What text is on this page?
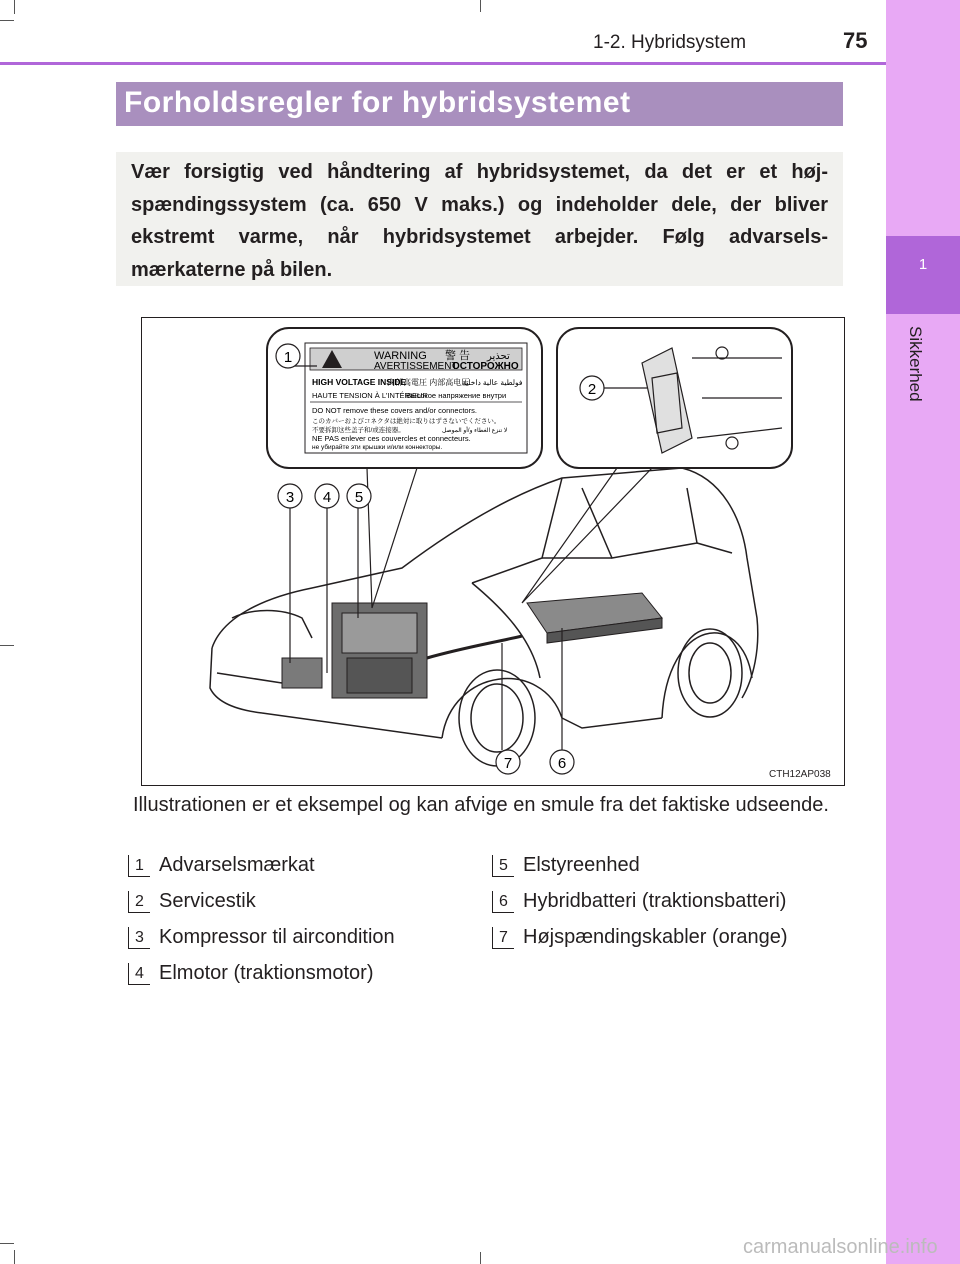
1
Sikkerhed
1-2. Hybridsystem	75
Forholdsregler for hybridsystemet
Vær forsigtig ved håndtering af hybridsystemet, da det er et høj-spændingssystem (ca. 650 V maks.) og indeholder dele, der bliver ekstremt varme, når hybridsystemet arbejder. Følg advarsels-mærkaterne på bilen.
WARNING 警 告 تحذير
AVERTISSEMENT
ОСТОРОЖНО
HIGH VOLTAGE INSIDE
内部高電圧 内部高电压
فولطية عالية داخلية
HAUTE TENSION À L'INTÉRIEUR
Высокое напряжение внутри
DO NOT remove these covers and/or connectors.
このカバーおよびコネクタは絶対に取りはずさないでください。
不要拆卸这些盖子和/或连接器。	لا تنزع الغطاء و/أو الموصل
NE PAS enlever ces couvercles et connecteurs.
не убирайте эти крышки и/или коннекторы.
1
2
3 4 5
6
7
CTH12AP038
Illustrationen er et eksempel og kan afvige en smule fra det faktiske udseende.
1 Advarselsmærkat
2 Servicestik
3 Kompressor til aircondition
4 Elmotor (traktionsmotor)
5 Elstyreenhed
6 Hybridbatteri (traktionsbatteri)
7 Højspændingskabler (orange)
carmanualsonline.info
